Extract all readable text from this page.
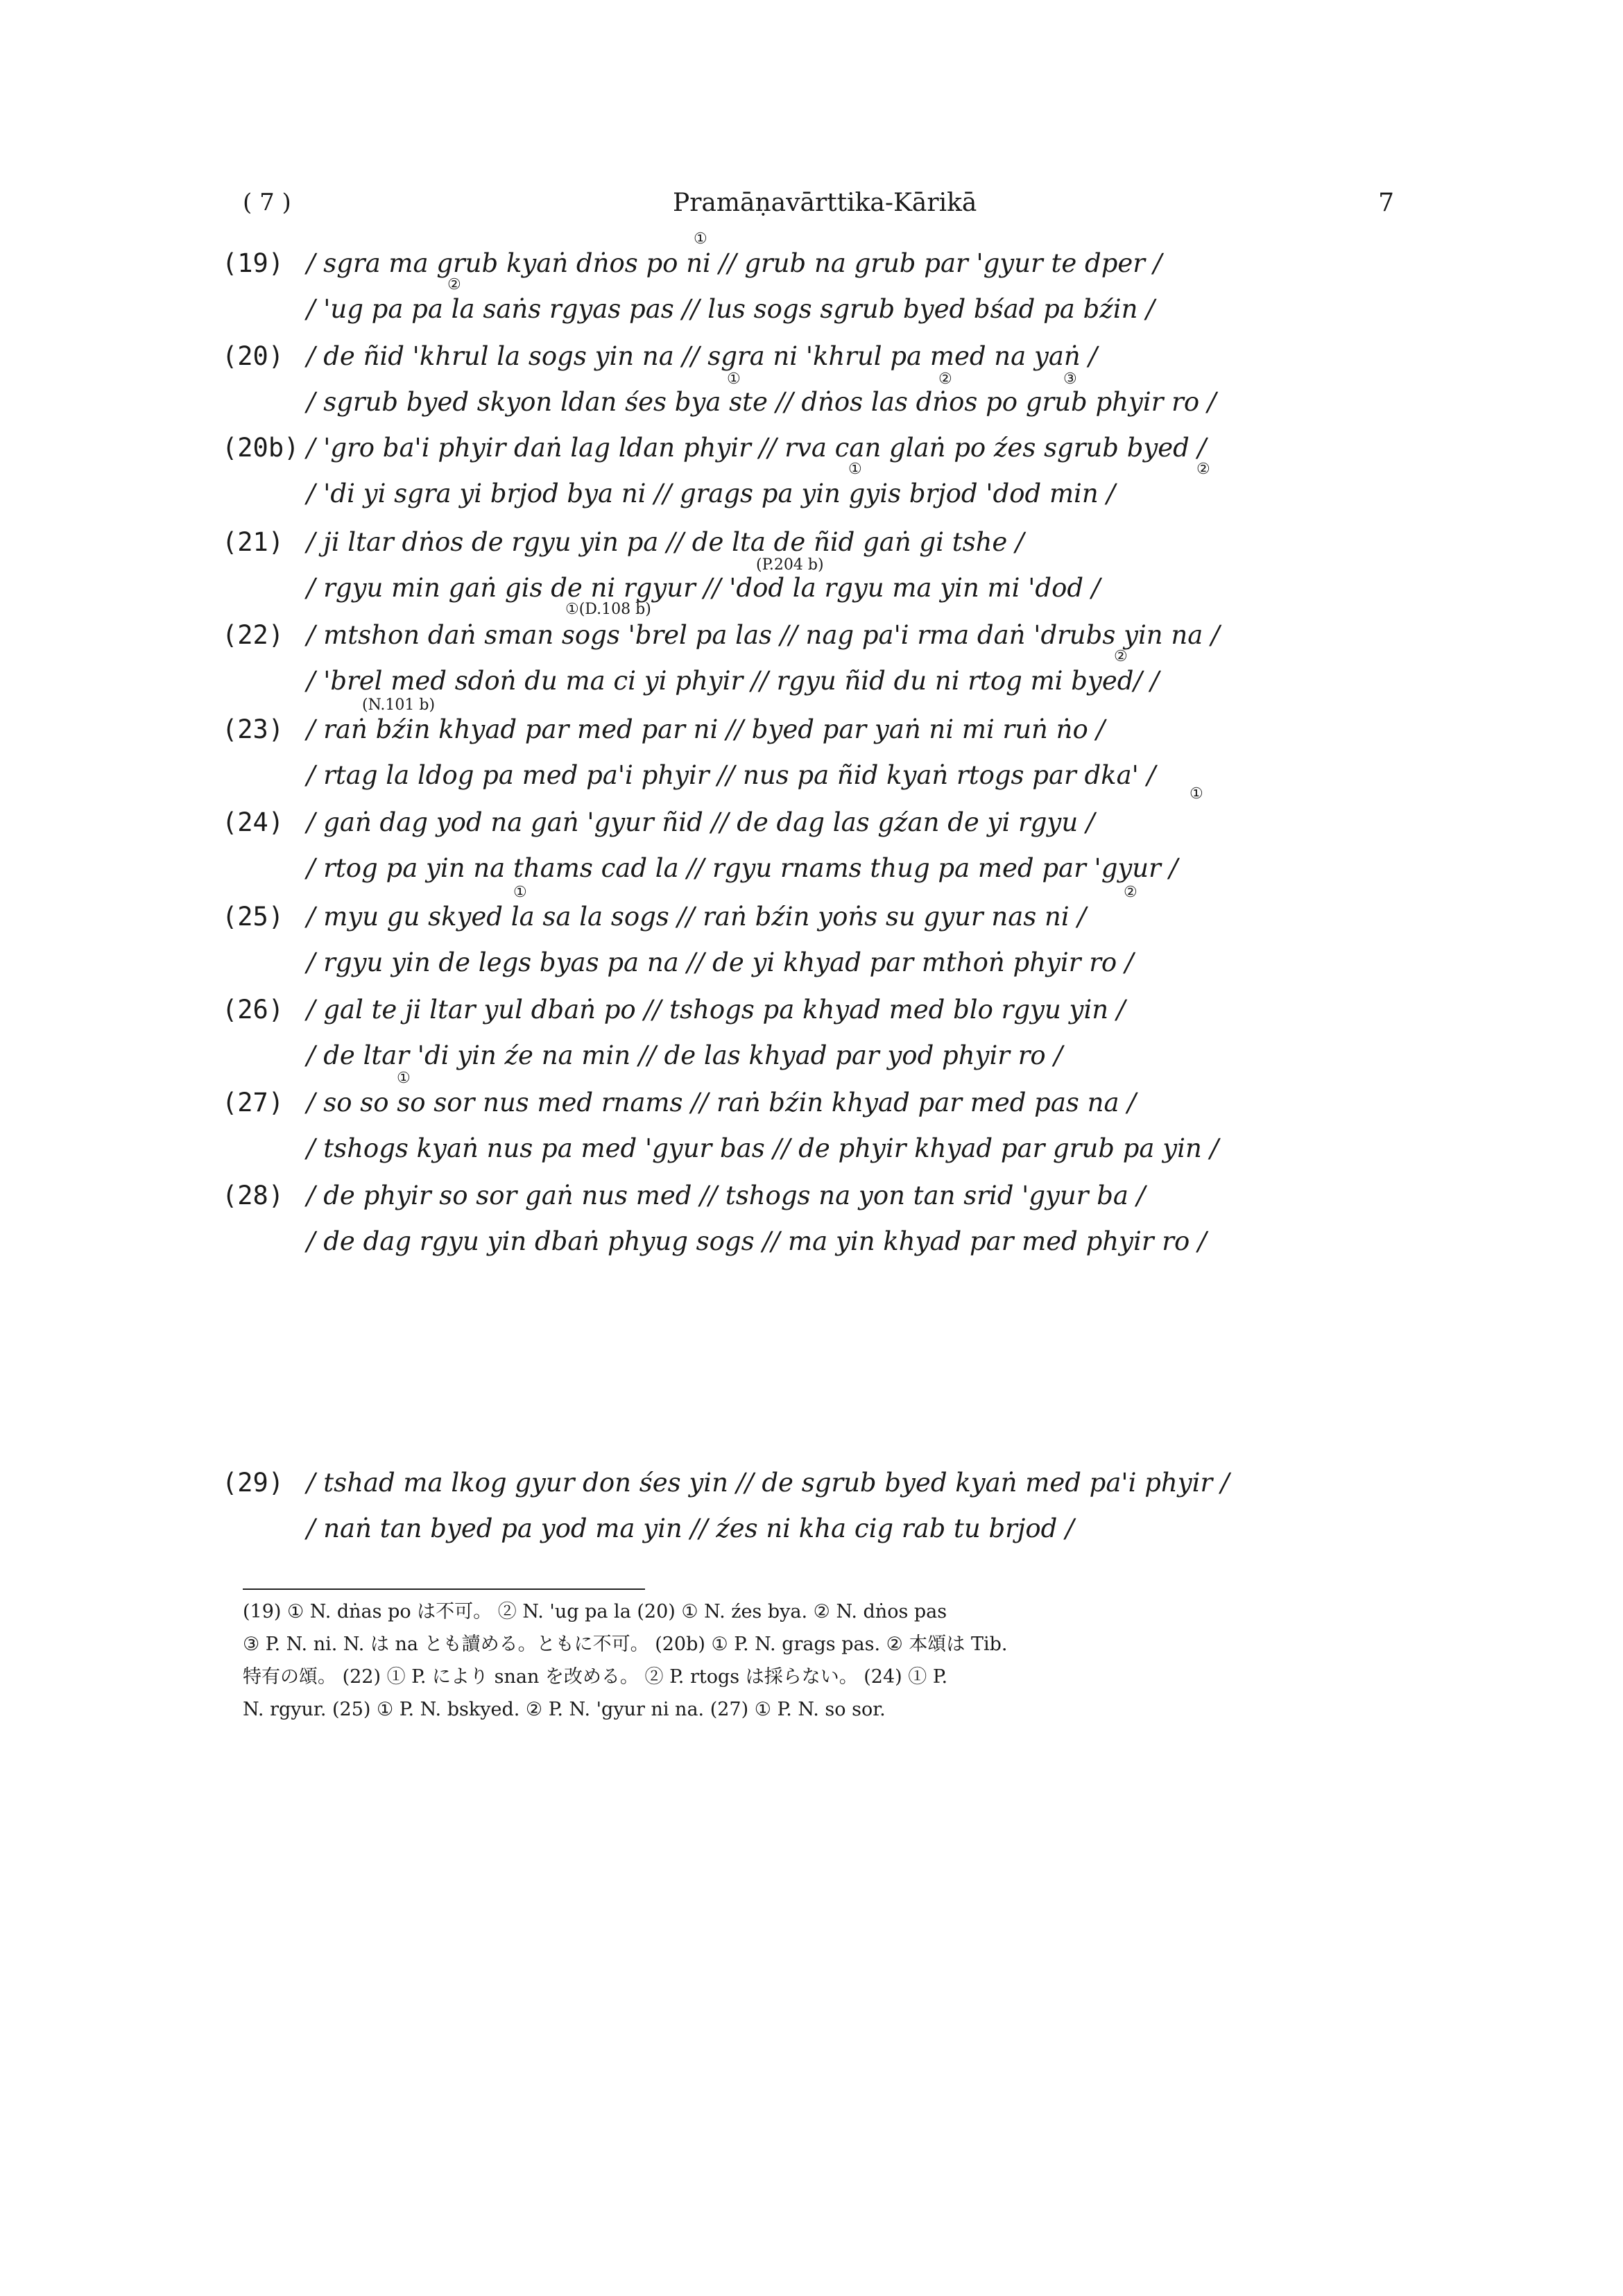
( 7 )	Pramāṇavārttika-Kārikā	7
(19) / sgra ma grub kyaṅ dṅos po ni // grub na grub par 'gyur te dper /
/ 'ug pa pa la saṅs rgyas pas // lus sogs sgrub byed bśad pa bźin /
①
②
(20) / de ñid 'khrul la sogs yin na // sgra ni 'khrul pa med na yaṅ /
/ sgrub byed skyon ldan śes bya ste // dṅos las dṅos po grub phyir ro /
①	②	③
(20b) / 'gro ba'i phyir daṅ lag ldan phyir // rva can glaṅ po źes sgrub byed /
/ 'di yi sgra yi brjod bya ni // grags pa yin gyis brjod 'dod min /
①	②
(21) / ji ltar dṅos de rgyu yin pa // de lta de ñid gaṅ gi tshe /
/ rgyu min gaṅ gis de ni rgyur // 'dod la rgyu ma yin mi 'dod /
(P.204 b)
(22) / mtshon daṅ sman sogs 'brel pa las // nag pa'i rma daṅ 'drubs yin na /
/ 'brel med sdoṅ du ma ci yi phyir // rgyu ñid du ni rtog mi byed/ /
①(D.108 b)
②
(23) / raṅ bźin khyad par med par ni // byed par yaṅ ni mi ruṅ ṅo /
/ rtag la ldog pa med pa'i phyir // nus pa ñid kyaṅ rtogs par dka' /
(N.101 b)
①
(24) / gaṅ dag yod na gaṅ 'gyur ñid // de dag las gźan de yi rgyu /
/ rtog pa yin na thams cad la // rgyu rnams thug pa med par 'gyur /
①	②
(25) / myu gu skyed la sa la sogs // raṅ bźin yoṅs su gyur nas ni /
/ rgyu yin de legs byas pa na // de yi khyad par mthoṅ phyir ro /
(26) / gal te ji ltar yul dbaṅ po // tshogs pa khyad med blo rgyu yin /
/ de ltar 'di yin źe na min // de las khyad par yod phyir ro /
①
(27) / so so so sor nus med rnams // raṅ bźin khyad par med pas na /
/ tshogs kyaṅ nus pa med 'gyur bas // de phyir khyad par grub pa yin /
(28) / de phyir so sor gaṅ nus med // tshogs na yon tan srid 'gyur ba /
/ de dag rgyu yin dbaṅ phyug sogs // ma yin khyad par med phyir ro /
(29) / tshad ma lkog gyur don śes yin // de sgrub byed kyaṅ med pa'i phyir /
/ naṅ tan byed pa yod ma yin // źes ni kha cig rab tu brjod /

(19) ① N. dṅas po は不可。 ② N. 'ug pa la (20) ① N. źes bya. ② N. dṅos pas

③ P. N. ni. N. は na とも讀める。ともに不可。 (20b) ① P. N. grags pas. ② 本頌は Tib.

特有の頌。 (22) ① P. により snan を改める。 ② P. rtogs は採らない。 (24) ① P.

N. rgyur. (25) ① P. N. bskyed. ② P. N. 'gyur ni na. (27) ① P. N. so sor.
